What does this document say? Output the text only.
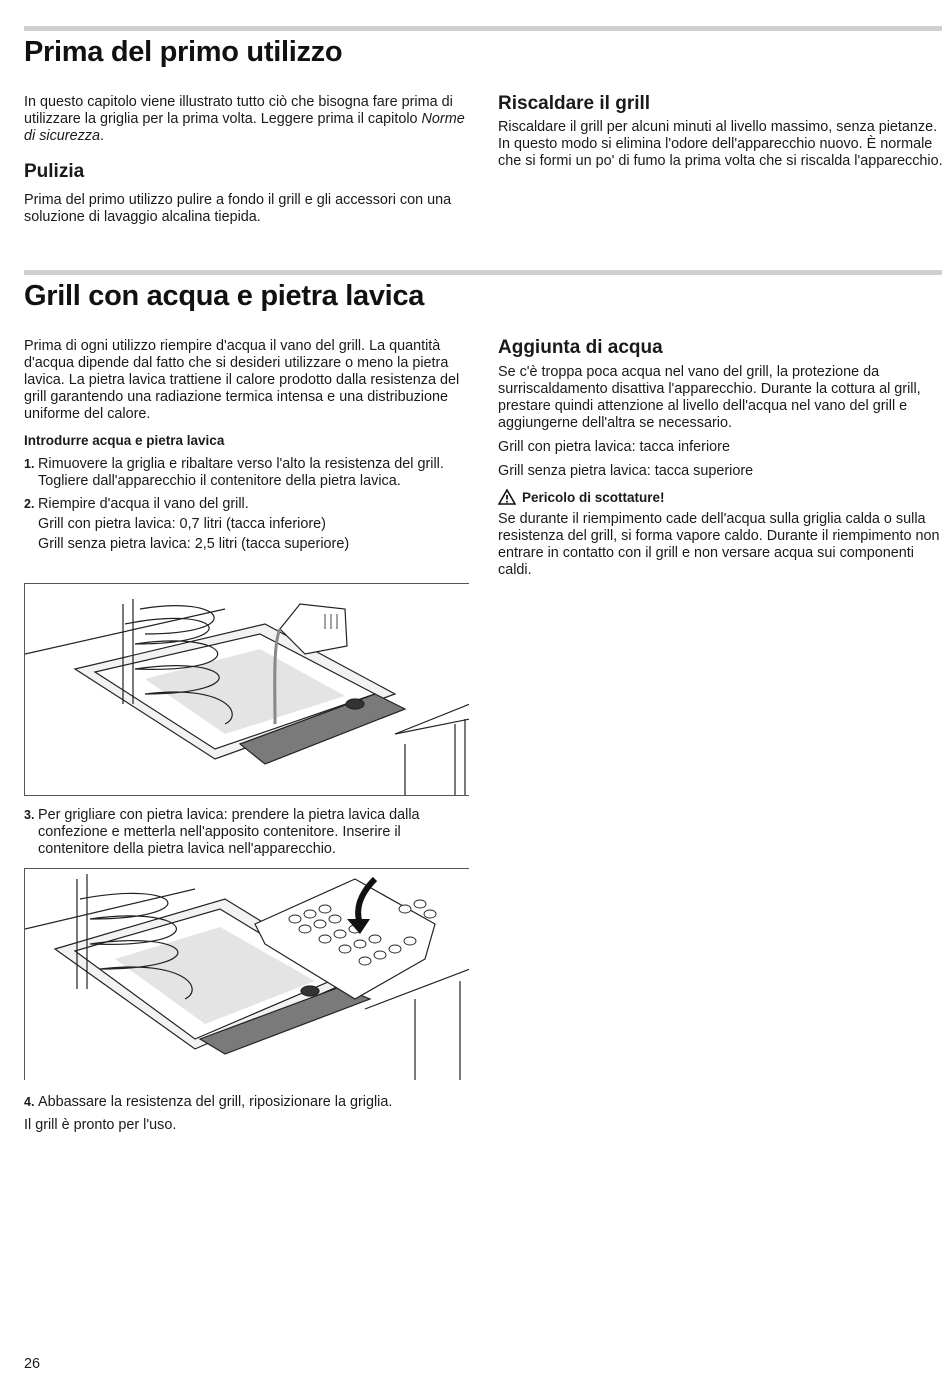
Prima del primo utilizzo

In questo capitolo viene illustrato tutto ciò che bisogna fare prima di utilizzare la griglia per la prima volta. Leggere prima il capitolo Norme di sicurezza.

Pulizia

Prima del primo utilizzo pulire a fondo il grill e gli accessori con una soluzione di lavaggio alcalina tiepida.

Riscaldare il grill

Riscaldare il grill per alcuni minuti al livello massimo, senza pietanze. In questo modo si elimina l'odore dell'apparecchio nuovo. È normale che si formi un po' di fumo la prima volta che si riscalda l'apparecchio.

Grill con acqua e pietra lavica

Prima di ogni utilizzo riempire d'acqua il vano del grill. La quantità d'acqua dipende dal fatto che si desideri utilizzare o meno la pietra lavica. La pietra lavica trattiene il calore prodotto dalla resistenza del grill garantendo una radiazione termica intensa e una distribuzione uniforme del calore.

Introdurre acqua e pietra lavica
1. Rimuovere la griglia e ribaltare verso l'alto la resistenza del grill. Togliere dall'apparecchio il contenitore della pietra lavica.
2. Riempire d'acqua il vano del grill.
Grill con pietra lavica: 0,7 litri (tacca inferiore)
Grill senza pietra lavica: 2,5 litri (tacca superiore)
3. Per grigliare con pietra lavica: prendere la pietra lavica dalla confezione e metterla nell'apposito contenitore. Inserire il contenitore della pietra lavica nell'apparecchio.
4. Abbassare la resistenza del grill, riposizionare la griglia.

Il grill è pronto per l'uso.

Aggiunta di acqua

Se c'è troppa poca acqua nel vano del grill, la protezione da surriscaldamento disattiva l'apparecchio. Durante la cottura al grill, prestare quindi attenzione al livello dell'acqua nel vano del grill e aggiungerne dell'altra se necessario.

Grill con pietra lavica: tacca inferiore

Grill senza pietra lavica: tacca superiore

Pericolo di scottature!

Se durante il riempimento cade dell'acqua sulla griglia calda o sulla resistenza del grill, si forma vapore caldo. Durante il riempimento non entrare in contatto con il grill e non versare acqua sui componenti caldi.

26
